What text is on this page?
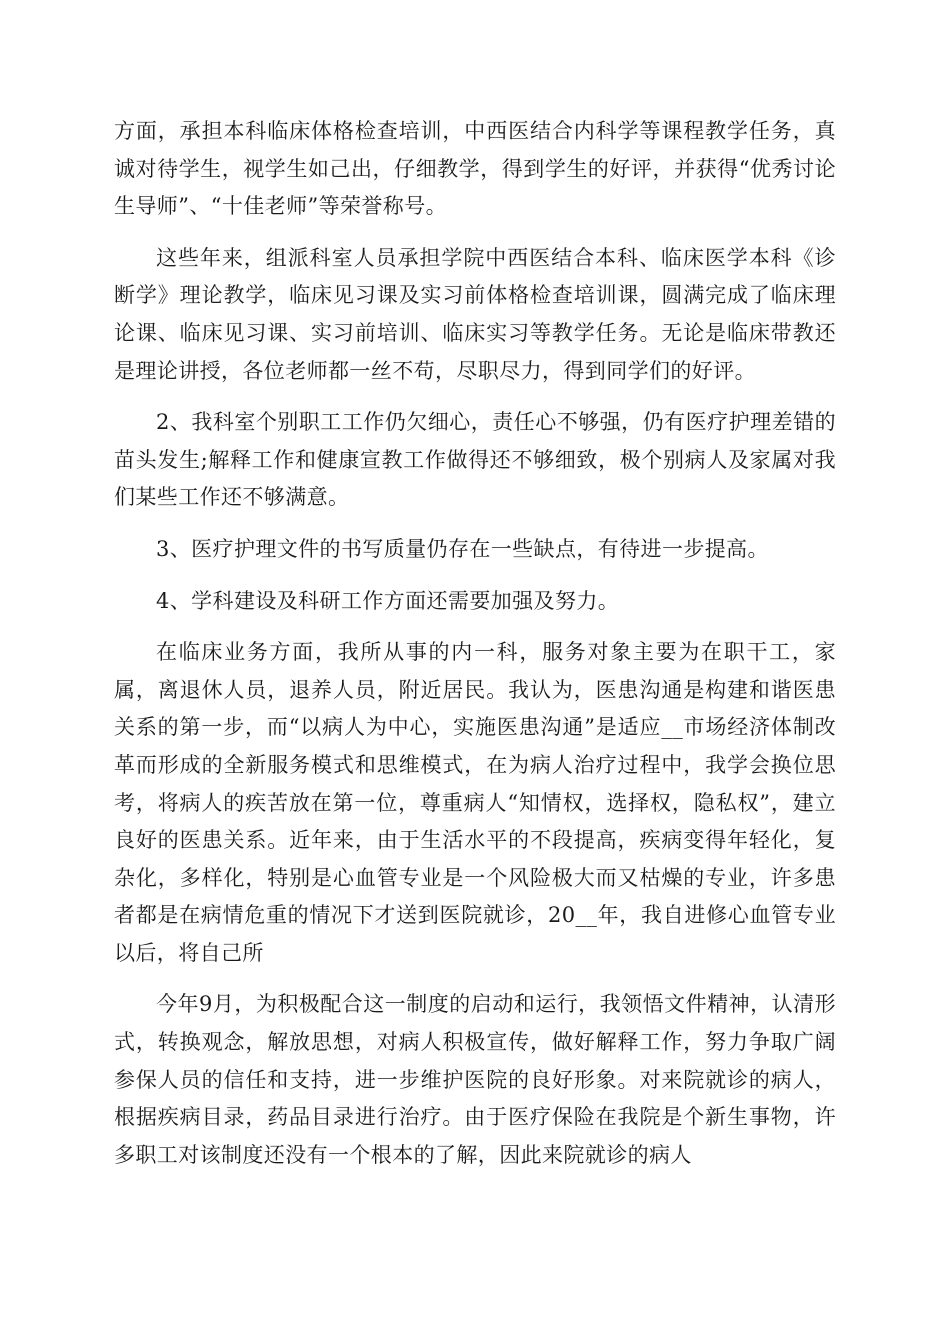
方面，承担本科临床体格检查培训，中西医结合内科学等课程教学任务，真诚对待学生，视学生如己出，仔细教学，得到学生的好评，并获得“优秀讨论生导师”、“十佳老师”等荣誉称号。

这些年来，组派科室人员承担学院中西医结合本科、临床医学本科《诊断学》理论教学，临床见习课及实习前体格检查培训课，圆满完成了临床理论课、临床见习课、实习前培训、临床实习等教学任务。无论是临床带教还是理论讲授，各位老师都一丝不苟，尽职尽力，得到同学们的好评。

2、我科室个别职工工作仍欠细心，责任心不够强，仍有医疗护理差错的苗头发生;解释工作和健康宣教工作做得还不够细致，极个别病人及家属对我们某些工作还不够满意。

3、医疗护理文件的书写质量仍存在一些缺点，有待进一步提高。

4、学科建设及科研工作方面还需要加强及努力。

在临床业务方面，我所从事的内一科，服务对象主要为在职干工，家属，离退休人员，退养人员，附近居民。我认为，医患沟通是构建和谐医患关系的第一步，而“以病人为中心，实施医患沟通”是适应__市场经济体制改革而形成的全新服务模式和思维模式，在为病人治疗过程中，我学会换位思考，将病人的疾苦放在第一位，尊重病人“知情权，选择权，隐私权”，建立良好的医患关系。近年来，由于生活水平的不段提高，疾病变得年轻化，复杂化，多样化，特别是心血管专业是一个风险极大而又枯燥的专业，许多患者都是在病情危重的情况下才送到医院就诊，20__年，我自进修心血管专业以后，将自己所

今年9月，为积极配合这一制度的启动和运行，我领悟文件精神，认清形式，转换观念，解放思想，对病人积极宣传，做好解释工作，努力争取广阔参保人员的信任和支持，进一步维护医院的良好形象。对来院就诊的病人，根据疾病目录，药品目录进行治疗。由于医疗保险在我院是个新生事物，许多职工对该制度还没有一个根本的了解，因此来院就诊的病人
